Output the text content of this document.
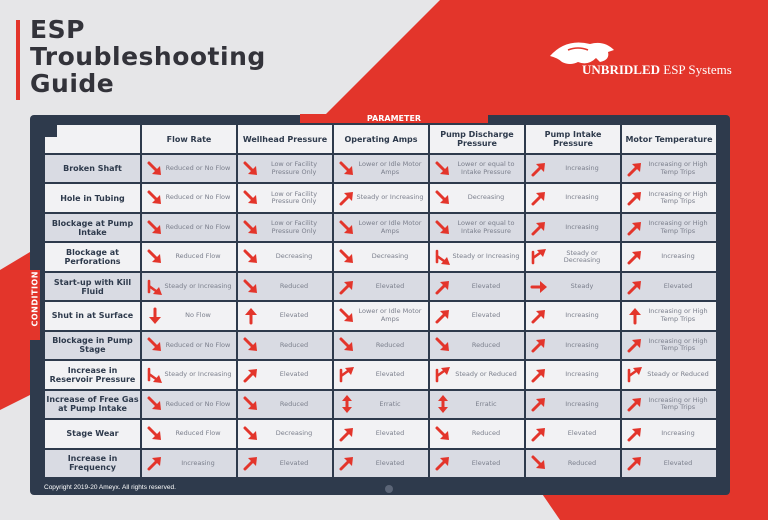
ESP
Troubleshooting
Guide	UNBRIDLED ESP Systems
PARAMETER
CONDITION
	Flow Rate	Wellhead Pressure	Operating Amps	Pump Discharge Pressure	Pump Intake Pressure	Motor Temperature
Broken Shaft	Reduced or No Flow	Low or Facility Pressure Only	Lower or Idle Motor Amps	Lower or equal to Intake Pressure	Increasing	Increasing or High Temp Trips

Hole in Tubing	Reduced or No Flow	Low or Facility Pressure Only	Steady or Increasing	Decreasing	Increasing	Increasing or High Temp Trips

Blockage at Pump Intake	Reduced or No Flow	Low or Facility Pressure Only	Lower or Idle Motor Amps	Lower or equal to Intake Pressure	Increasing	Increasing or High Temp Trips

Blockage at Perforations	Reduced Flow	Decreasing	Decreasing	Steady or Increasing	Steady or Decreasing	Increasing

Start-up with Kill Fluid	Steady or Increasing	Reduced	Elevated	Elevated	Steady	Elevated

Shut in at Surface	No Flow	Elevated	Lower or Idle Motor Amps	Elevated	Increasing	Increasing or High Temp Trips

Blockage in Pump Stage	Reduced or No Flow	Reduced	Reduced	Reduced	Increasing	Increasing or High Temp Trips

Increase in Reservoir Pressure	Steady or Increasing	Elevated	Elevated	Steady or Reduced	Increasing	Steady or Reduced

Increase of Free Gas at Pump Intake	Reduced or No Flow	Reduced	Erratic	Erratic	Increasing	Increasing or High Temp Trips

Stage Wear	Reduced Flow	Decreasing	Elevated	Reduced	Elevated	Increasing

Increase in Frequency	Increasing	Elevated	Elevated	Elevated	Reduced	Elevated
Copyright 2019-20 Ameyx. All rights reserved.
